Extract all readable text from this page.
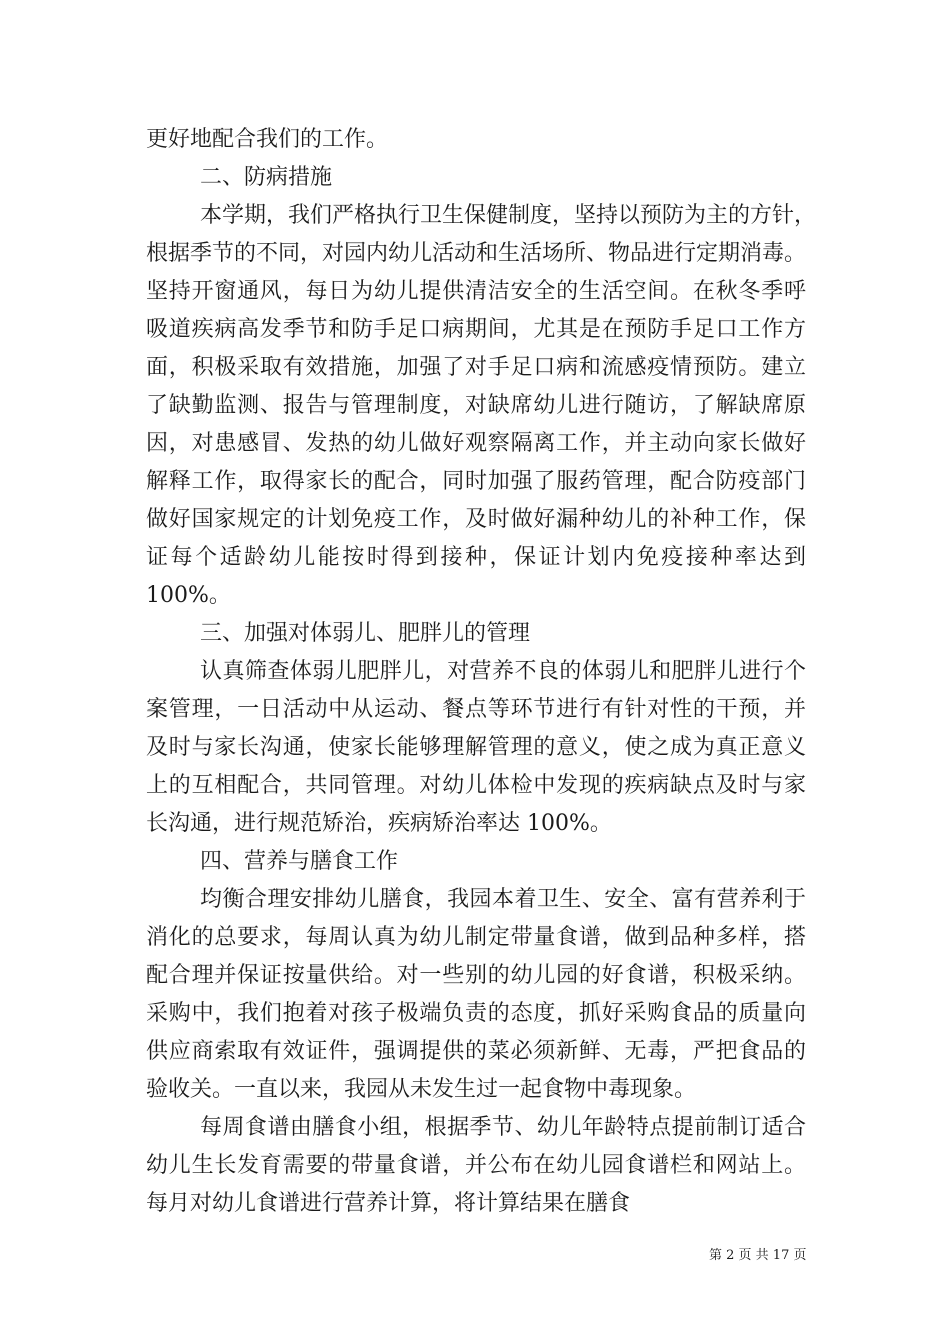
更好地配合我们的工作。
二、防病措施
本学期，我们严格执行卫生保健制度，坚持以预防为主的方针，
根据季节的不同，对园内幼儿活动和生活场所、物品进行定期消毒。
坚持开窗通风，每日为幼儿提供清洁安全的生活空间。在秋冬季呼
吸道疾病高发季节和防手足口病期间，尤其是在预防手足口工作方
面，积极采取有效措施，加强了对手足口病和流感疫情预防。建立
了缺勤监测、报告与管理制度，对缺席幼儿进行随访，了解缺席原
因，对患感冒、发热的幼儿做好观察隔离工作，并主动向家长做好
解释工作，取得家长的配合，同时加强了服药管理，配合防疫部门
做好国家规定的计划免疫工作，及时做好漏种幼儿的补种工作，保
证每个适龄幼儿能按时得到接种，保证计划内免疫接种率达到
100%。
三、加强对体弱儿、肥胖儿的管理
认真筛查体弱儿肥胖儿，对营养不良的体弱儿和肥胖儿进行个
案管理，一日活动中从运动、餐点等环节进行有针对性的干预，并
及时与家长沟通，使家长能够理解管理的意义，使之成为真正意义
上的互相配合，共同管理。对幼儿体检中发现的疾病缺点及时与家
长沟通，进行规范矫治，疾病矫治率达 100%。
四、营养与膳食工作
均衡合理安排幼儿膳食，我园本着卫生、安全、富有营养利于
消化的总要求，每周认真为幼儿制定带量食谱，做到品种多样，搭
配合理并保证按量供给。对一些别的幼儿园的好食谱，积极采纳。
采购中，我们抱着对孩子极端负责的态度，抓好采购食品的质量向
供应商索取有效证件，强调提供的菜必须新鲜、无毒，严把食品的
验收关。一直以来，我园从未发生过一起食物中毒现象。
每周食谱由膳食小组，根据季节、幼儿年龄特点提前制订适合
幼儿生长发育需要的带量食谱，并公布在幼儿园食谱栏和网站上。
每月对幼儿食谱进行营养计算，将计算结果在膳食
第 2 页 共 17 页
